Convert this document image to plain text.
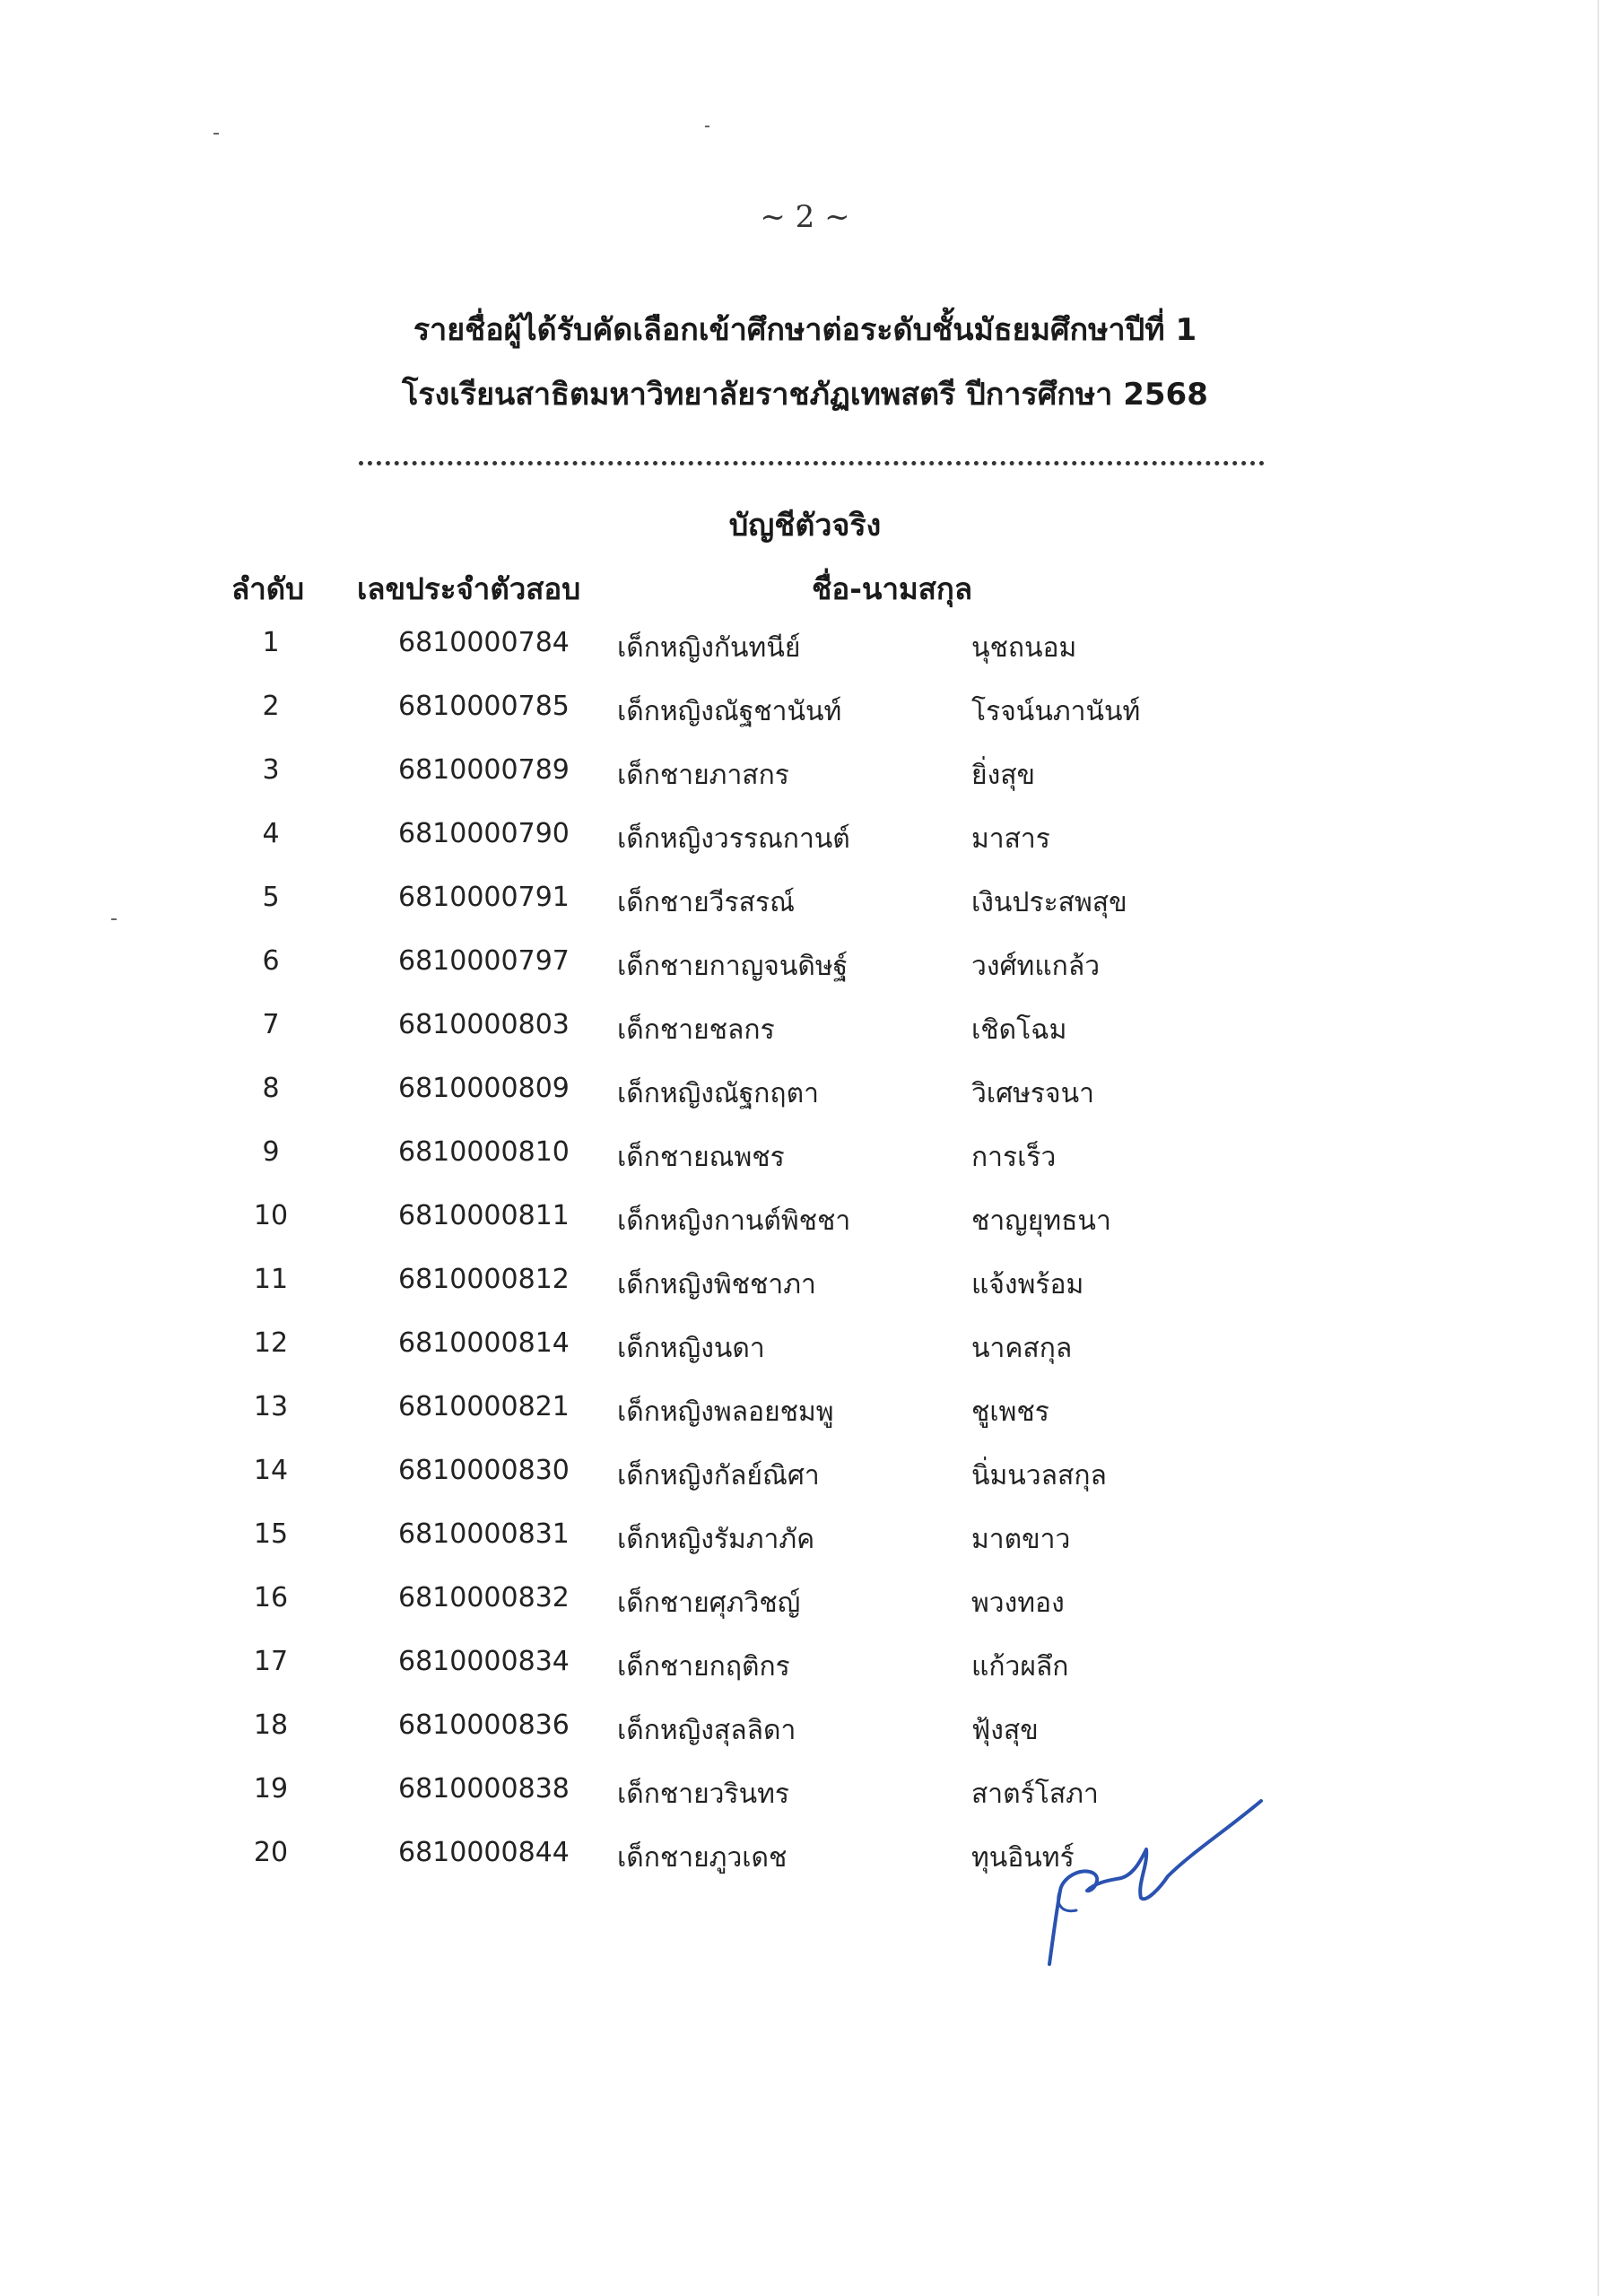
~ 2 ~
รายชื่อผู้ได้รับคัดเลือกเข้าศึกษาต่อระดับชั้นมัธยมศึกษาปีที่ 1
โรงเรียนสาธิตมหาวิทยาลัยราชภัฏเทพสตรี ปีการศึกษา 2568
บัญชีตัวจริง
ลำดับ เลขประจำตัวสอบ	ชื่อ-นามสกุล
1	6810000784 เด็กหญิงกันทนีย์	นุชถนอม
2	6810000785 เด็กหญิงณัฐชานันท์	โรจน์นภานันท์
3	6810000789 เด็กชายภาสกร	ยิ่งสุข
4	6810000790 เด็กหญิงวรรณกานต์	มาสาร
5	6810000791 เด็กชายวีรสรณ์	เงินประสพสุข
6	6810000797 เด็กชายกาญจนดิษฐ์	วงศ์ทแกล้ว
7	6810000803 เด็กชายชลกร	เชิดโฉม
8	6810000809 เด็กหญิงณัฐกฤตา	วิเศษรจนา
9	6810000810 เด็กชายณพชร	การเร็ว
10	6810000811 เด็กหญิงกานต์พิชชา	ชาญยุทธนา
11	6810000812 เด็กหญิงพิชชาภา	แจ้งพร้อม
12	6810000814 เด็กหญิงนดา	นาคสกุล
13	6810000821 เด็กหญิงพลอยชมพู	ชูเพชร
14	6810000830 เด็กหญิงกัลย์ณิศา	นิ่มนวลสกุล
15	6810000831 เด็กหญิงรัมภาภัค	มาตขาว
16	6810000832 เด็กชายศุภวิชญ์	พวงทอง
17	6810000834 เด็กชายกฤติกร	แก้วผลึก
18	6810000836 เด็กหญิงสุลลิดา	ฟุ้งสุข
19	6810000838 เด็กชายวรินทร	สาตร์โสภา
20	6810000844 เด็กชายภูวเดช	ทุนอินทร์
